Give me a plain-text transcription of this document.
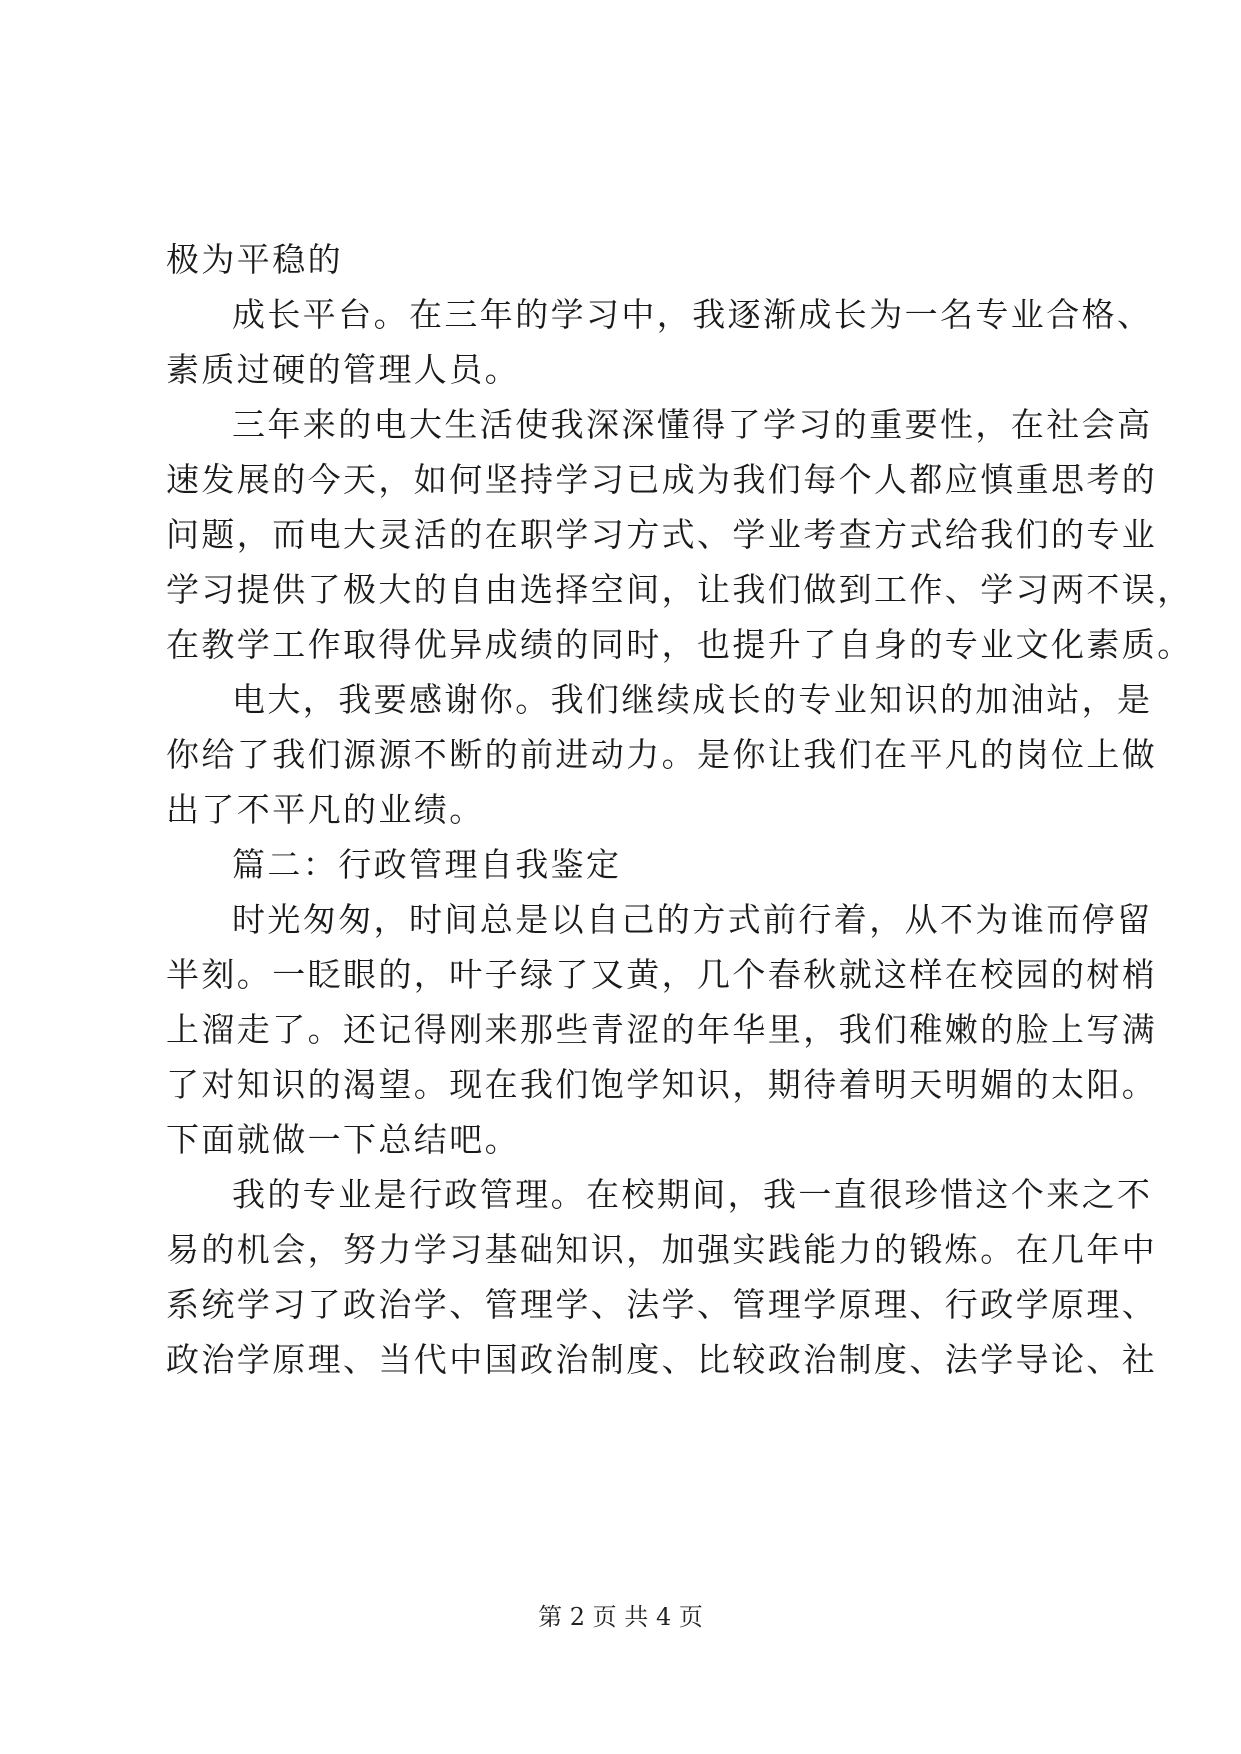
极为平稳的
成长平台。在三年的学习中，我逐渐成长为一名专业合格、
素质过硬的管理人员。
三年来的电大生活使我深深懂得了学习的重要性，在社会高
速发展的今天，如何坚持学习已成为我们每个人都应慎重思考的
问题，而电大灵活的在职学习方式、学业考查方式给我们的专业
学习提供了极大的自由选择空间，让我们做到工作、学习两不误，
在教学工作取得优异成绩的同时，也提升了自身的专业文化素质。
电大，我要感谢你。我们继续成长的专业知识的加油站，是
你给了我们源源不断的前进动力。是你让我们在平凡的岗位上做
出了不平凡的业绩。
篇二：行政管理自我鉴定
时光匆匆，时间总是以自己的方式前行着，从不为谁而停留
半刻。一眨眼的，叶子绿了又黄，几个春秋就这样在校园的树梢
上溜走了。还记得刚来那些青涩的年华里，我们稚嫩的脸上写满
了对知识的渴望。现在我们饱学知识，期待着明天明媚的太阳。
下面就做一下总结吧。
我的专业是行政管理。在校期间，我一直很珍惜这个来之不
易的机会，努力学习基础知识，加强实践能力的锻炼。在几年中
系统学习了政治学、管理学、法学、管理学原理、行政学原理、
政治学原理、当代中国政治制度、比较政治制度、法学导论、社
第 2 页 共 4 页
